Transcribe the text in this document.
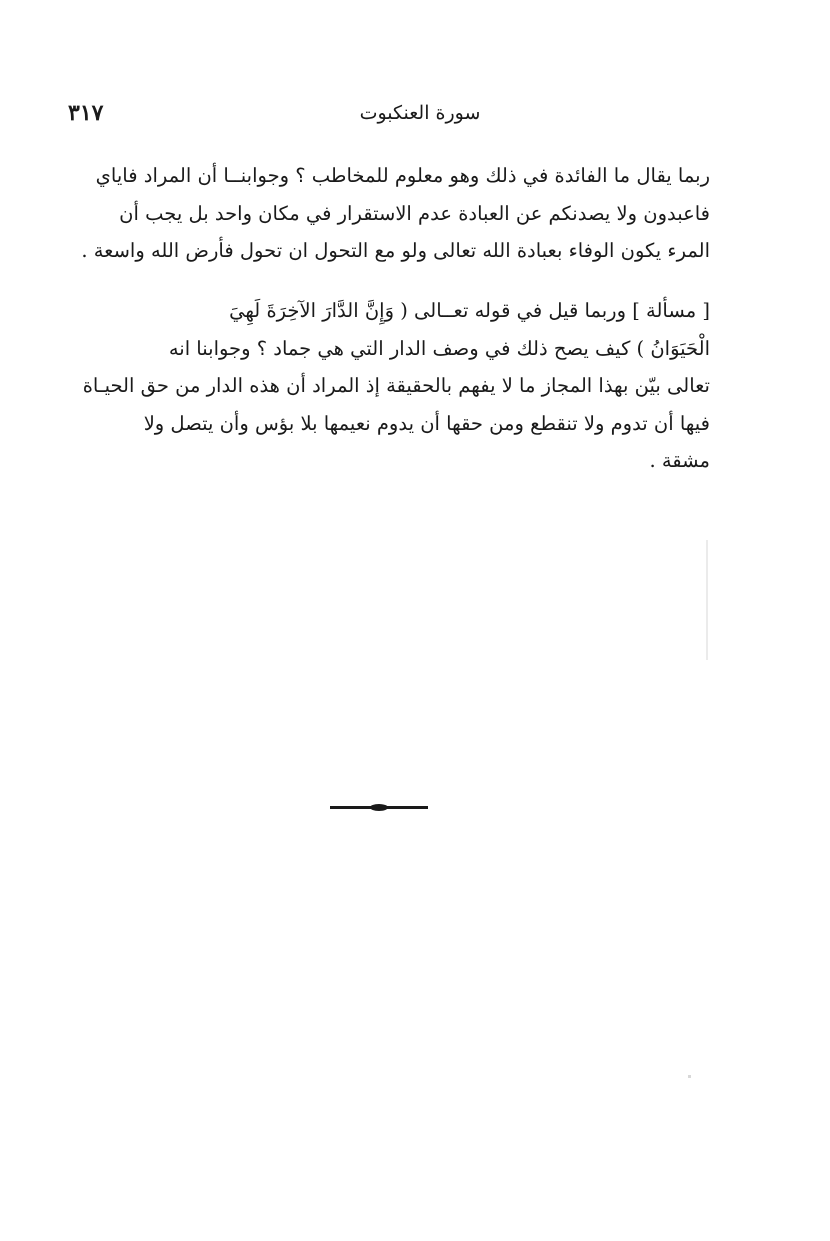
٣١٧	سورة العنكبوت
ربما يقال ما الفائدة في ذلك وهو معلوم للمخاطب ؟ وجوابنــا أن المراد فاياي
فاعبدون ولا يصدنكم عن العبادة عدم الاستقرار في مكان واحد بل يجب أن
المرء يكون الوفاء بعبادة الله تعالى ولو مع التحول ان تحول فأرض الله واسعة .
[ مسألة ] وربما قيل في قوله تعــالى ( وَإِنَّ الدَّارَ الآخِرَةَ لَهِيَ
الْحَيَوَانُ ) كيف يصح ذلك في وصف الدار التي هي جماد ؟ وجوابنا انه
تعالى بيّن بهذا المجاز ما لا يفهم بالحقيقة إذ المراد أن هذه الدار من حق الحيـاة
فيها أن تدوم ولا تنقطع ومن حقها أن يدوم نعيمها بلا بؤس وأن يتصل ولا
مشقة .
